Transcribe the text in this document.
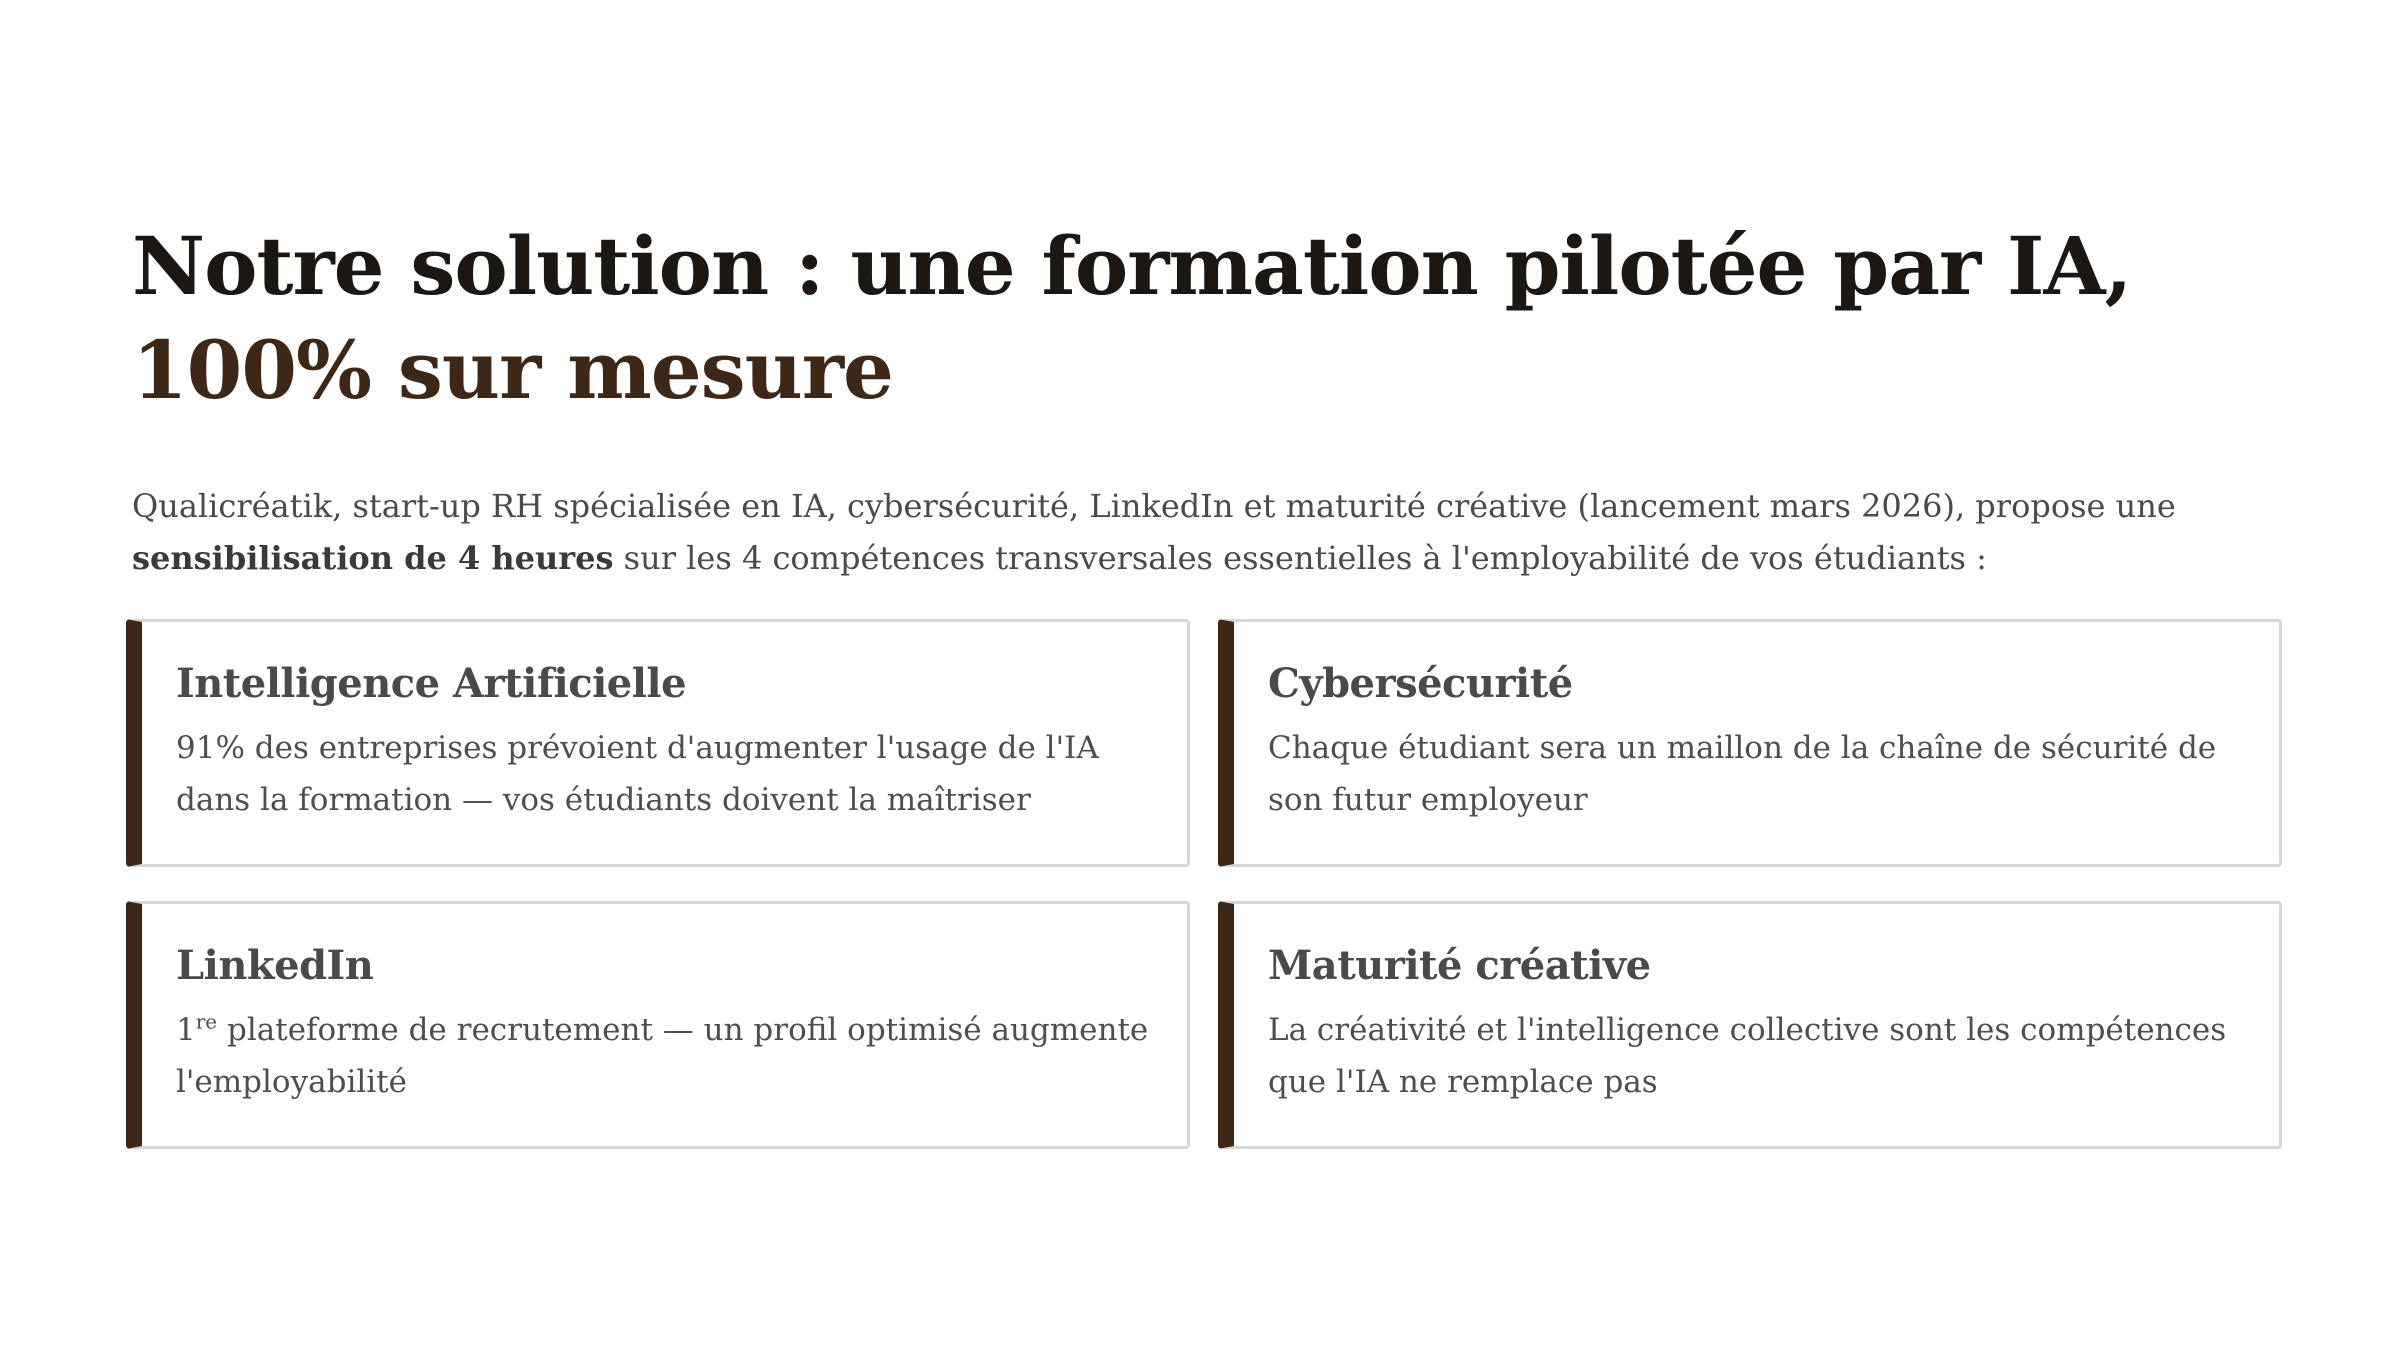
Notre solution : une formation pilotée par IA, 100% sur mesure

Qualicréatik, start-up RH spécialisée en IA, cybersécurité, LinkedIn et maturité créative (lancement mars 2026), propose une sensibilisation de 4 heures sur les 4 compétences transversales essentielles à l'employabilité de vos étudiants :

Intelligence Artificielle

91% des entreprises prévoient d'augmenter l'usage de l'IA dans la formation — vos étudiants doivent la maîtriser

Cybersécurité

Chaque étudiant sera un maillon de la chaîne de sécurité de son futur employeur

LinkedIn

1re plateforme de recrutement — un profil optimisé augmente l'employabilité

Maturité créative

La créativité et l'intelligence collective sont les compétences que l'IA ne remplace pas
